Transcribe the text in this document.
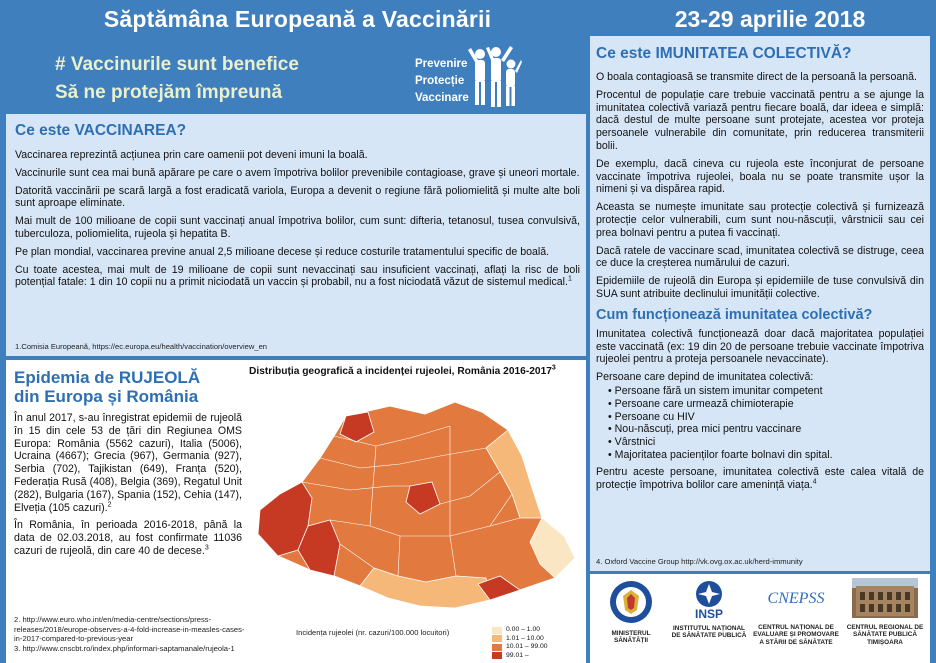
Săptămâna Europeană a Vaccinării	23-29 aprilie 2018
# Vaccinurile sunt benefice
Să ne protejăm împreună
Prevenire
Protecție
Vaccinare
Ce este VACCINAREA?

Vaccinarea reprezintă acțiunea prin care oamenii pot deveni imuni la boală.

Vaccinurile sunt cea mai bună apărare pe care o avem împotriva bolilor prevenibile contagioase, grave și uneori mortale.

Datorită vaccinării pe scară largă a fost eradicată variola, Europa a devenit o regiune fără poliomielită și multe alte boli sunt aproape eliminate.

Mai mult de 100 milioane de copii sunt vaccinați anual împotriva bolilor, cum sunt: difteria, tetanosul, tusea convulsivă, tuberculoza, poliomielita, rujeola și hepatita B.

Pe plan mondial, vaccinarea previne anual 2,5 milioane decese și reduce costurile tratamentului specific de boală.

Cu toate acestea, mai mult de 19 milioane de copii sunt nevaccinați sau insuficient vaccinați, aflați la risc de boli potențial fatale: 1 din 10 copii nu a primit niciodată un vaccin și probabil, nu a fost niciodată văzut de sistemul medical.$^1$

1.Comisia Europeană, https://ec.europa.eu/health/vaccination/overview_en
Epidemia de RUJEOLĂ
din Europa și România

În anul 2017, s-au înregistrat epidemii de rujeolă în 15 din cele 53 de țări din Regiunea OMS Europa: România (5562 cazuri), Italia (5006), Ucraina (4667); Grecia (967), Germania (927), Serbia (702), Tajikistan (649), Franța (520), Federația Rusă (408), Belgia (369), Regatul Unit (282), Bulgaria (167), Spania (152), Cehia (147), Elveția (105 cazuri).$^2$

În România, în perioada 2016-2018, până la data de 02.03.2018, au fost confirmate 11036 cazuri de rujeolă, din care 40 de decese.$^3$

2. http://www.euro.who.int/en/media-centre/sections/press-releases/2018/europe-observes-a-4-fold-increase-in-measles-cases-in-2017-compared-to-previous-year
3. http://www.cnscbt.ro/index.php/informari-saptamanale/rujeola-1
Distribuția geografică a incidenței rujeolei, România 2016-2017$^3$
Incidența rujeolei (nr. cazuri/100.000 locuitori)	0.00 – 1.00
1.01 – 10.00
10.01 – 99.00
99.01 –
Ce este IMUNITATEA COLECTIVĂ?

O boala contagioasă se transmite direct de la persoană la persoană.

Procentul de populație care trebuie vaccinată pentru a se ajunge la imunitatea colectivă variază pentru fiecare boală, dar ideea e simplă: dacă destul de multe persoane sunt protejate, acestea vor proteja persoanele vulnerabile din comunitate, prin reducerea transmiterii bolii.

De exemplu, dacă cineva cu rujeola este înconjurat de persoane vaccinate împotriva rujeolei, boala nu se poate transmite ușor la nimeni și va dispărea rapid.

Aceasta se numește imunitate sau protecție colectivă și furnizează protecție celor vulnerabili, cum sunt nou-născuții, vârstnicii sau cei prea bolnavi pentru a putea fi vaccinați.

Dacă ratele de vaccinare scad, imunitatea colectivă se distruge, ceea ce duce la creșterea numărului de cazuri.

Epidemiile de rujeolă din Europa și epidemiile de tuse convulsivă din SUA sunt atribuite declinului imunității colective.

Cum funcționează imunitatea colectivă?

Imunitatea colectivă funcționează doar dacă majoritatea populației este vaccinată (ex: 19 din 20 de persoane trebuie vaccinate împotriva rujeolei pentru a proteja persoanele nevaccinate).

Persoane care depind de imunitatea colectivă:

• Persoane fără un sistem imunitar competent
• Persoane care urmează chimioterapie
• Persoane cu HIV
• Nou-născuți, prea mici pentru vaccinare
• Vârstnici
• Majoritatea pacienților foarte bolnavi din spital.

Pentru aceste persoane, imunitatea colectivă este calea vitală de protecție împotriva bolilor care amenință viața.$^4$

4. Oxford Vaccine Group http://vk.ovg.ox.ac.uk/herd-immunity
MINISTERUL SĂNĂTĂȚII
INSP
INSTITUTUL NAȚIONAL DE SĂNĂTATE PUBLICĂ
CNEPSS
CENTRUL NAȚIONAL DE EVALUARE ȘI PROMOVARE A STĂRII DE SĂNĂTATE
CENTRUL REGIONAL DE SĂNĂTATE PUBLICĂ TIMIȘOARA
